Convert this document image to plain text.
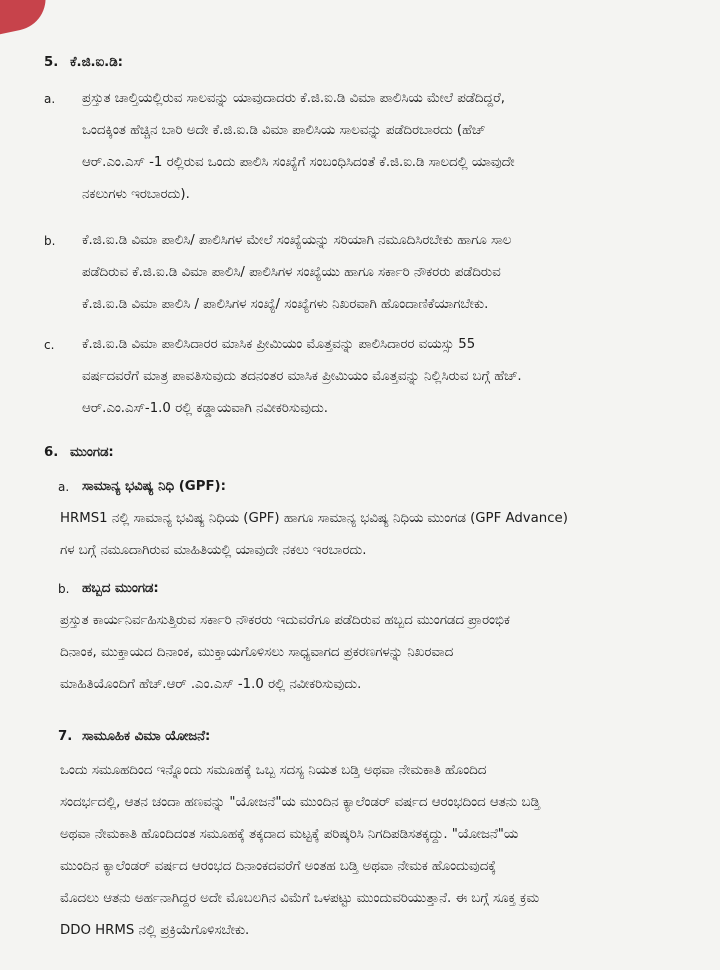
5. ಕೆ.ಜಿ.ಐ.ಡಿ:
a. ಪ್ರಸ್ತುತ ಚಾಲ್ತಿಯಲ್ಲಿರುವ ಸಾಲವನ್ನು ಯಾವುದಾದರು ಕೆ.ಜಿ.ಐ.ಡಿ ವಿಮಾ ಪಾಲಿಸಿಯ ಮೇಲೆ ಪಡೆದಿದ್ದರೆ,
ಒಂದಕ್ಕಿಂತ ಹೆಚ್ಚಿನ ಬಾರಿ ಅದೇ ಕೆ.ಜಿ.ಐ.ಡಿ ವಿಮಾ ಪಾಲಿಸಿಯ ಸಾಲವನ್ನು ಪಡೆದಿರಬಾರದು (ಹೆಚ್
ಆರ್.ಎಂ.ಎಸ್ -1 ರಲ್ಲಿರುವ ಒಂದು ಪಾಲಿಸಿ ಸಂಖ್ಯೆಗೆ ಸಂಬಂಧಿಸಿದಂತೆ ಕೆ.ಜಿ.ಐ.ಡಿ ಸಾಲದಲ್ಲಿ ಯಾವುದೇ
ನಕಲುಗಳು ಇರಬಾರದು).
b. ಕೆ.ಜಿ.ಐ.ಡಿ ವಿಮಾ ಪಾಲಿಸಿ/ ಪಾಲಿಸಿಗಳ ಮೇಲೆ ಸಂಖ್ಯೆಯನ್ನು ಸರಿಯಾಗಿ ನಮೂದಿಸಿರಬೇಕು ಹಾಗೂ ಸಾಲ
ಪಡೆದಿರುವ ಕೆ.ಜಿ.ಐ.ಡಿ ವಿಮಾ ಪಾಲಿಸಿ/ ಪಾಲಿಸಿಗಳ ಸಂಖ್ಯೆಯು ಹಾಗೂ ಸರ್ಕಾರಿ ನೌಕರರು ಪಡೆದಿರುವ
ಕೆ.ಜಿ.ಐ.ಡಿ ವಿಮಾ ಪಾಲಿಸಿ / ಪಾಲಿಸಿಗಳ ಸಂಖ್ಯೆ/ ಸಂಖ್ಯೆಗಳು ನಿಖರವಾಗಿ ಹೊಂದಾಣಿಕೆಯಾಗಬೇಕು.
c. ಕೆ.ಜಿ.ಐ.ಡಿ ವಿಮಾ ಪಾಲಿಸಿದಾರರ ಮಾಸಿಕ ಪ್ರೀಮಿಯಂ ಮೊತ್ತವನ್ನು ಪಾಲಿಸಿದಾರರ ವಯಸ್ಸು 55
ವರ್ಷದವರೆಗೆ ಮಾತ್ರ ಪಾವತಿಸುವುದು ತದನಂತರ ಮಾಸಿಕ ಪ್ರೀಮಿಯಂ ಮೊತ್ತವನ್ನು ನಿಲ್ಲಿಸಿರುವ ಬಗ್ಗೆ ಹೆಚ್.
ಆರ್.ಎಂ.ಎಸ್-1.0 ರಲ್ಲಿ ಕಡ್ಡಾಯವಾಗಿ ನವೀಕರಿಸುವುದು.
6. ಮುಂಗಡ:
a. ಸಾಮಾನ್ಯ ಭವಿಷ್ಯ ನಿಧಿ (GPF):
HRMS1 ನಲ್ಲಿ ಸಾಮಾನ್ಯ ಭವಿಷ್ಯ ನಿಧಿಯ (GPF) ಹಾಗೂ ಸಾಮಾನ್ಯ ಭವಿಷ್ಯ ನಿಧಿಯ ಮುಂಗಡ (GPF Advance)
ಗಳ ಬಗ್ಗೆ ನಮೂದಾಗಿರುವ ಮಾಹಿತಿಯಲ್ಲಿ ಯಾವುದೇ ನಕಲು ಇರಬಾರದು.
b. ಹಬ್ಬದ ಮುಂಗಡ:
ಪ್ರಸ್ತುತ ಕಾರ್ಯನಿರ್ವಹಿಸುತ್ತಿರುವ ಸರ್ಕಾರಿ ನೌಕರರು ಇದುವರೆಗೂ ಪಡೆದಿರುವ ಹಬ್ಬದ ಮುಂಗಡದ ಪ್ರಾರಂಭಿಕ
ದಿನಾಂಕ, ಮುಕ್ತಾಯದ ದಿನಾಂಕ, ಮುಕ್ತಾಯಗೊಳಿಸಲು ಸಾಧ್ಯವಾಗದ ಪ್ರಕರಣಗಳನ್ನು ನಿಖರವಾದ
ಮಾಹಿತಿಯೊಂದಿಗೆ ಹೆಚ್.ಆರ್ .ಎಂ.ಎಸ್ -1.0 ರಲ್ಲಿ ನವೀಕರಿಸುವುದು.
7. ಸಾಮೂಹಿಕ ವಿಮಾ ಯೋಜನೆ:
ಒಂದು ಸಮೂಹದಿಂದ ಇನ್ನೊಂದು ಸಮೂಹಕ್ಕೆ ಒಬ್ಬ ಸದಸ್ಯ ನಿಯತ ಬಡ್ತಿ ಅಥವಾ ನೇಮಕಾತಿ ಹೊಂದಿದ
ಸಂದರ್ಭದಲ್ಲಿ, ಆತನ ಚಂದಾ ಹಣವನ್ನು "ಯೋಜನೆ"ಯ ಮುಂದಿನ ಕ್ಯಾಲೆಂಡರ್ ವರ್ಷದ ಆರಂಭದಿಂದ ಆತನು ಬಡ್ತಿ
ಅಥವಾ ನೇಮಕಾತಿ ಹೊಂದಿದಂತ ಸಮೂಹಕ್ಕೆ ತಕ್ಕದಾದ ಮಟ್ಟಕ್ಕೆ ಪರಿಷ್ಕರಿಸಿ ನಿಗದಿಪಡಿಸತಕ್ಕದ್ದು. "ಯೋಜನೆ"ಯ
ಮುಂದಿನ ಕ್ಯಾಲೆಂಡರ್ ವರ್ಷದ ಆರಂಭದ ದಿನಾಂಕದವರೆಗೆ ಅಂತಹ ಬಡ್ತಿ ಅಥವಾ ನೇಮಕ ಹೊಂದುವುದಕ್ಕೆ
ಮೊದಲು ಆತನು ಅರ್ಹನಾಗಿದ್ದರ ಅದೇ ಮೊಬಲಗಿನ ವಿಮೆಗೆ ಒಳಪಟ್ಟು ಮುಂದುವರಿಯುತ್ತಾನೆ. ಈ ಬಗ್ಗೆ ಸೂಕ್ತ ಕ್ರಮ
DDO HRMS ನಲ್ಲಿ ಪ್ರಕ್ರಿಯೆಗೊಳಿಸಬೇಕು.
